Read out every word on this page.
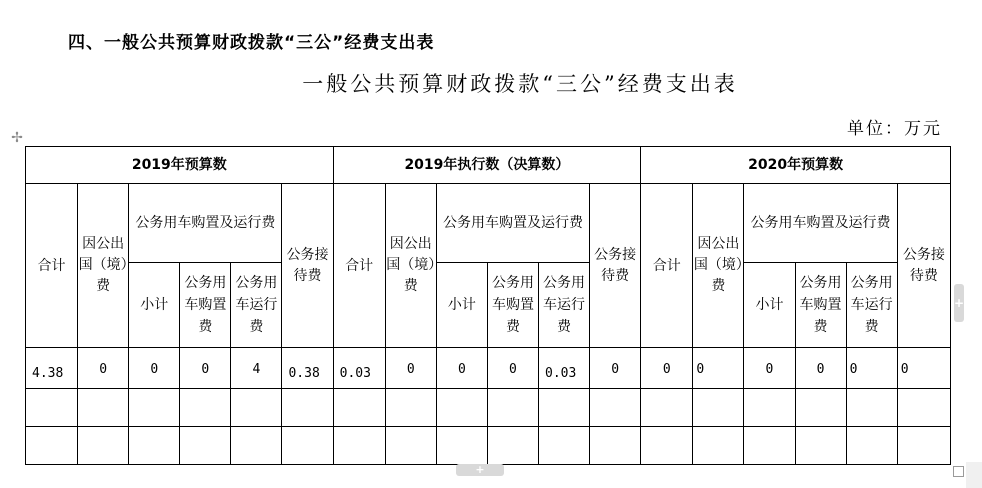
四、一般公共预算财政拨款“三公”经费支出表
一般公共预算财政拨款“三公”经费支出表
单位：万元
✢
2019年预算数						2019年执行数（决算数）						2020年预算数					
合计	因公出国（境）费	公务用车购置及运行费			公务接待费	合计	因公出国（境）费	公务用车购置及运行费			公务接待费	合计	因公出国（境）费	公务用车购置及运行费			公务接待费
		小计	公务用车购置费	公务用车运行费				小计	公务用车购置费	公务用车运行费				小计	公务用车购置费	公务用车运行费	
4.38	0	0	0	4	0.38	0.03	0	0	0	0.03	0	0	0	0	0	0	0

+
+
